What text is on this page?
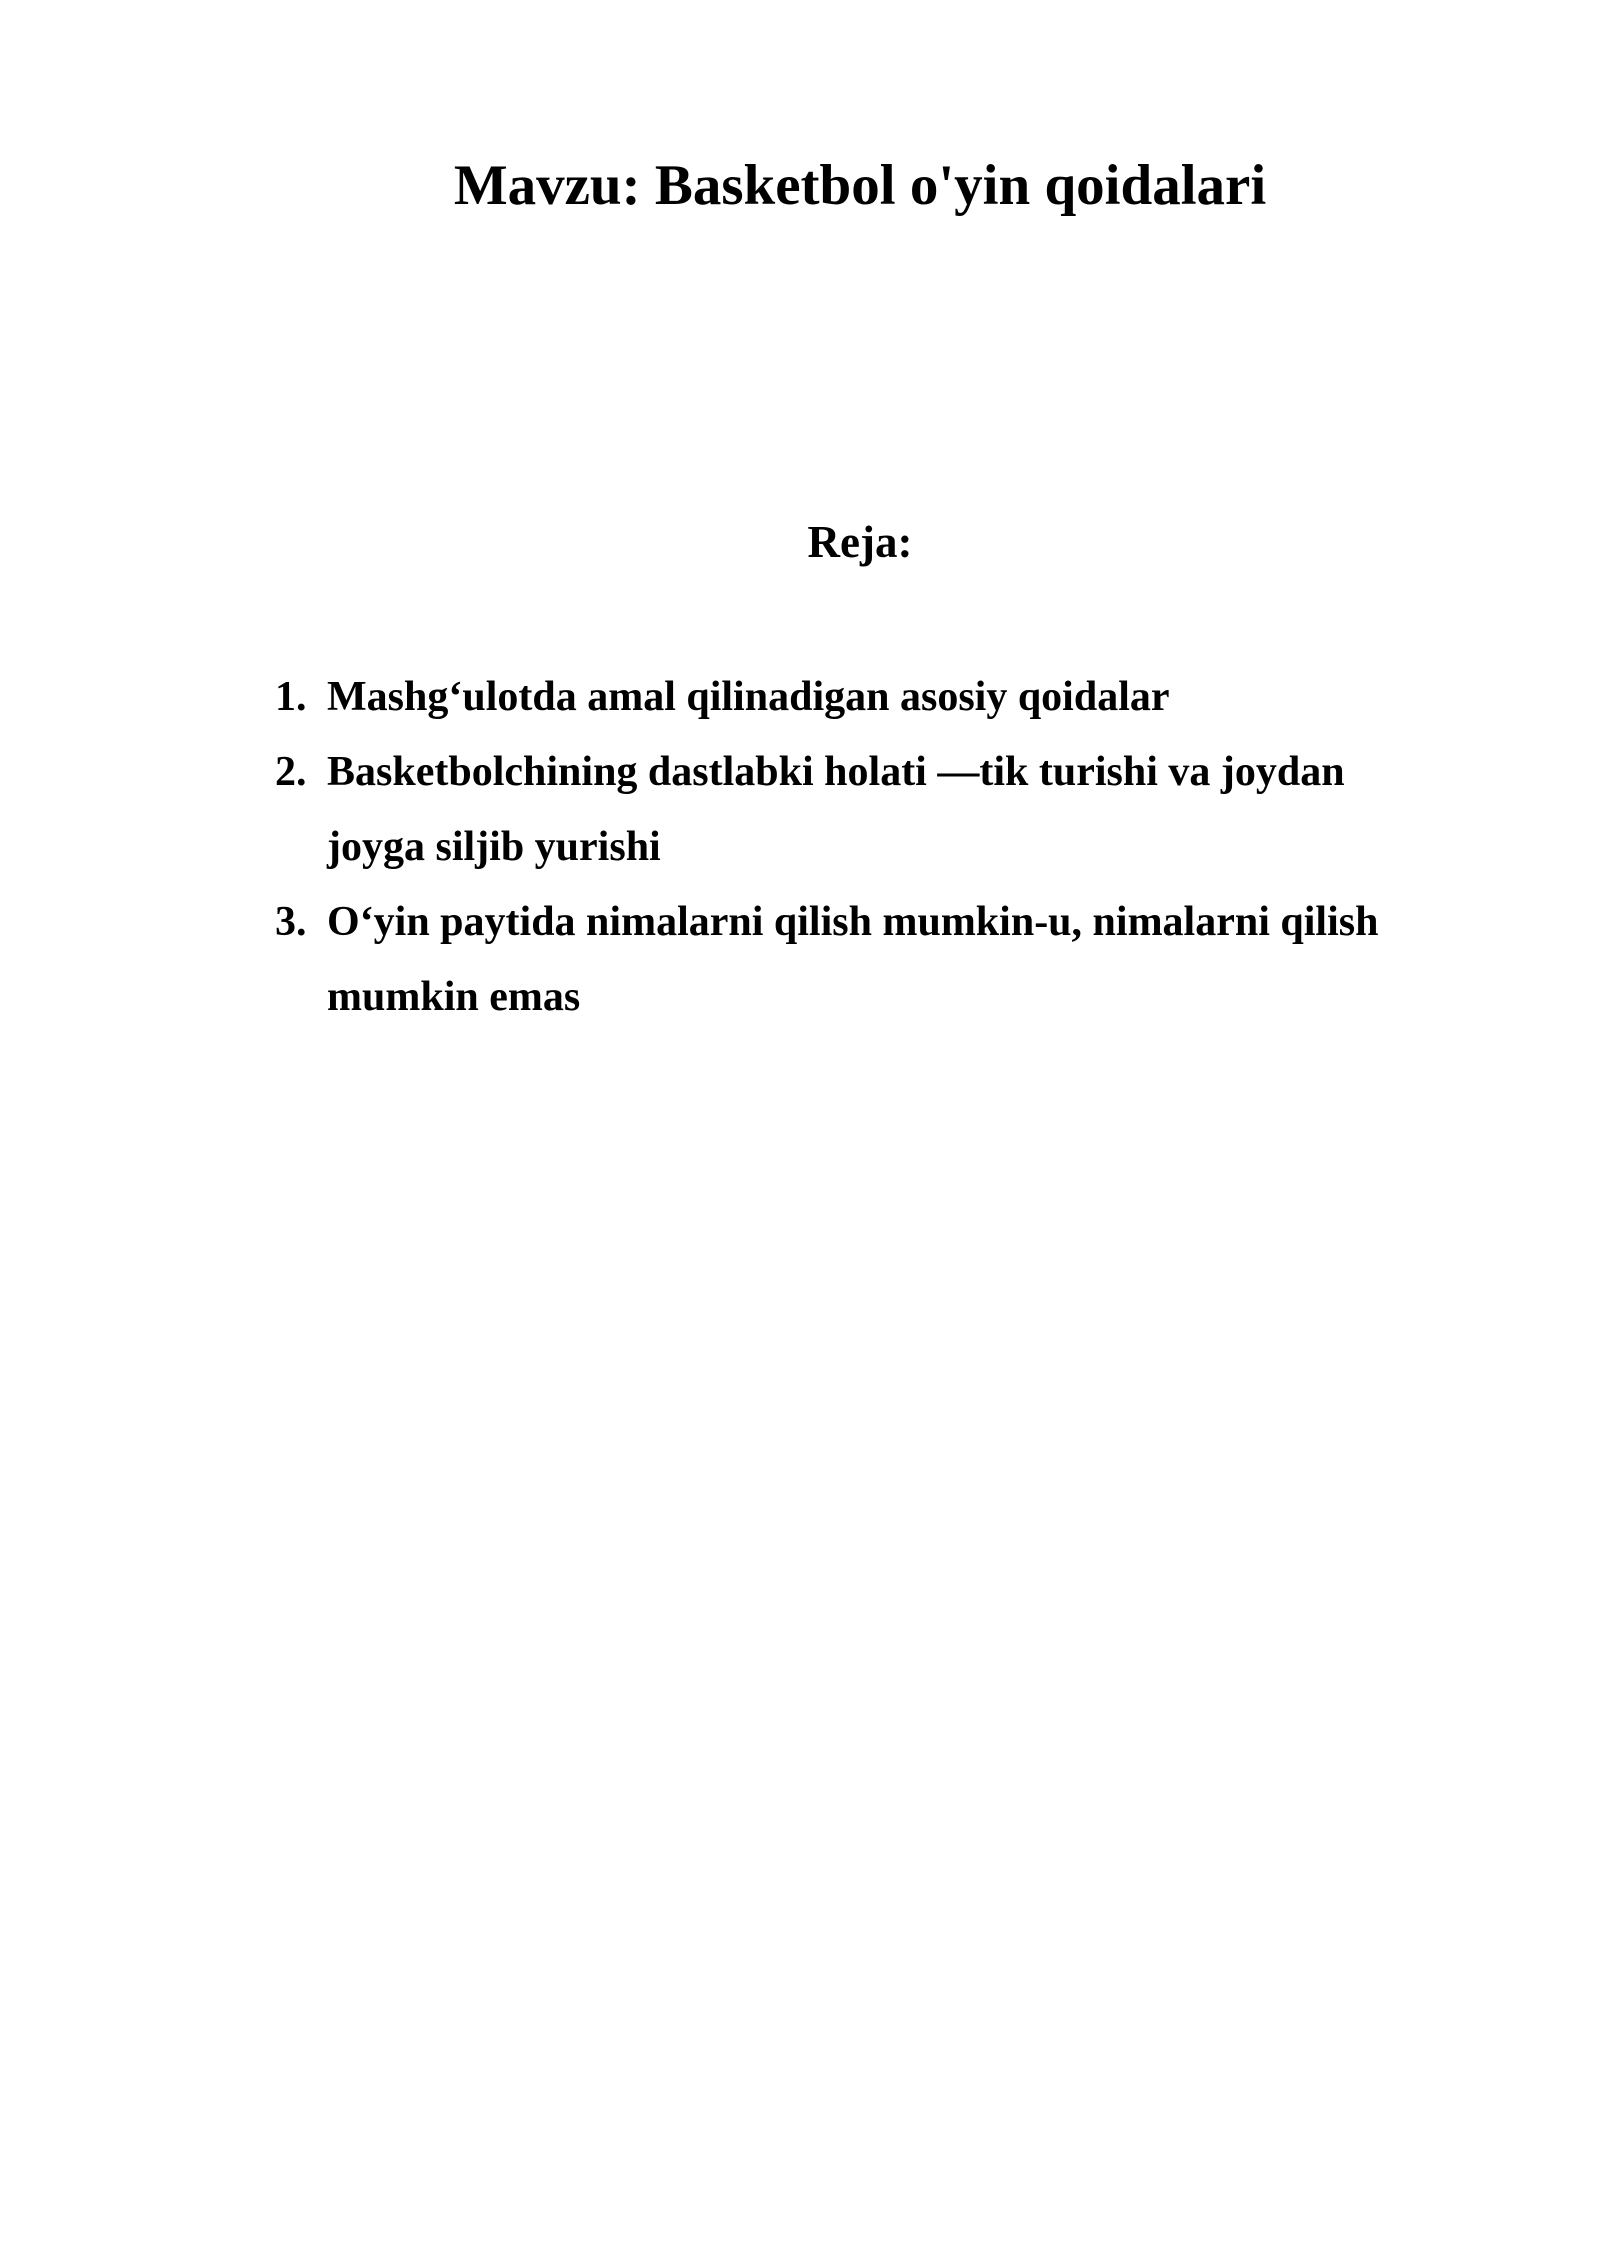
Mavzu: Basketbol o'yin qoidalari
Reja:
1. Mashg‘ulotda amal qilinadigan asosiy qoidalar
2. Basketbolchining dastlabki holati —tik turishi va joydan joyga siljib yurishi
3. O‘yin paytida nimalarni qilish mumkin-u, nimalarni qilish mumkin emas
